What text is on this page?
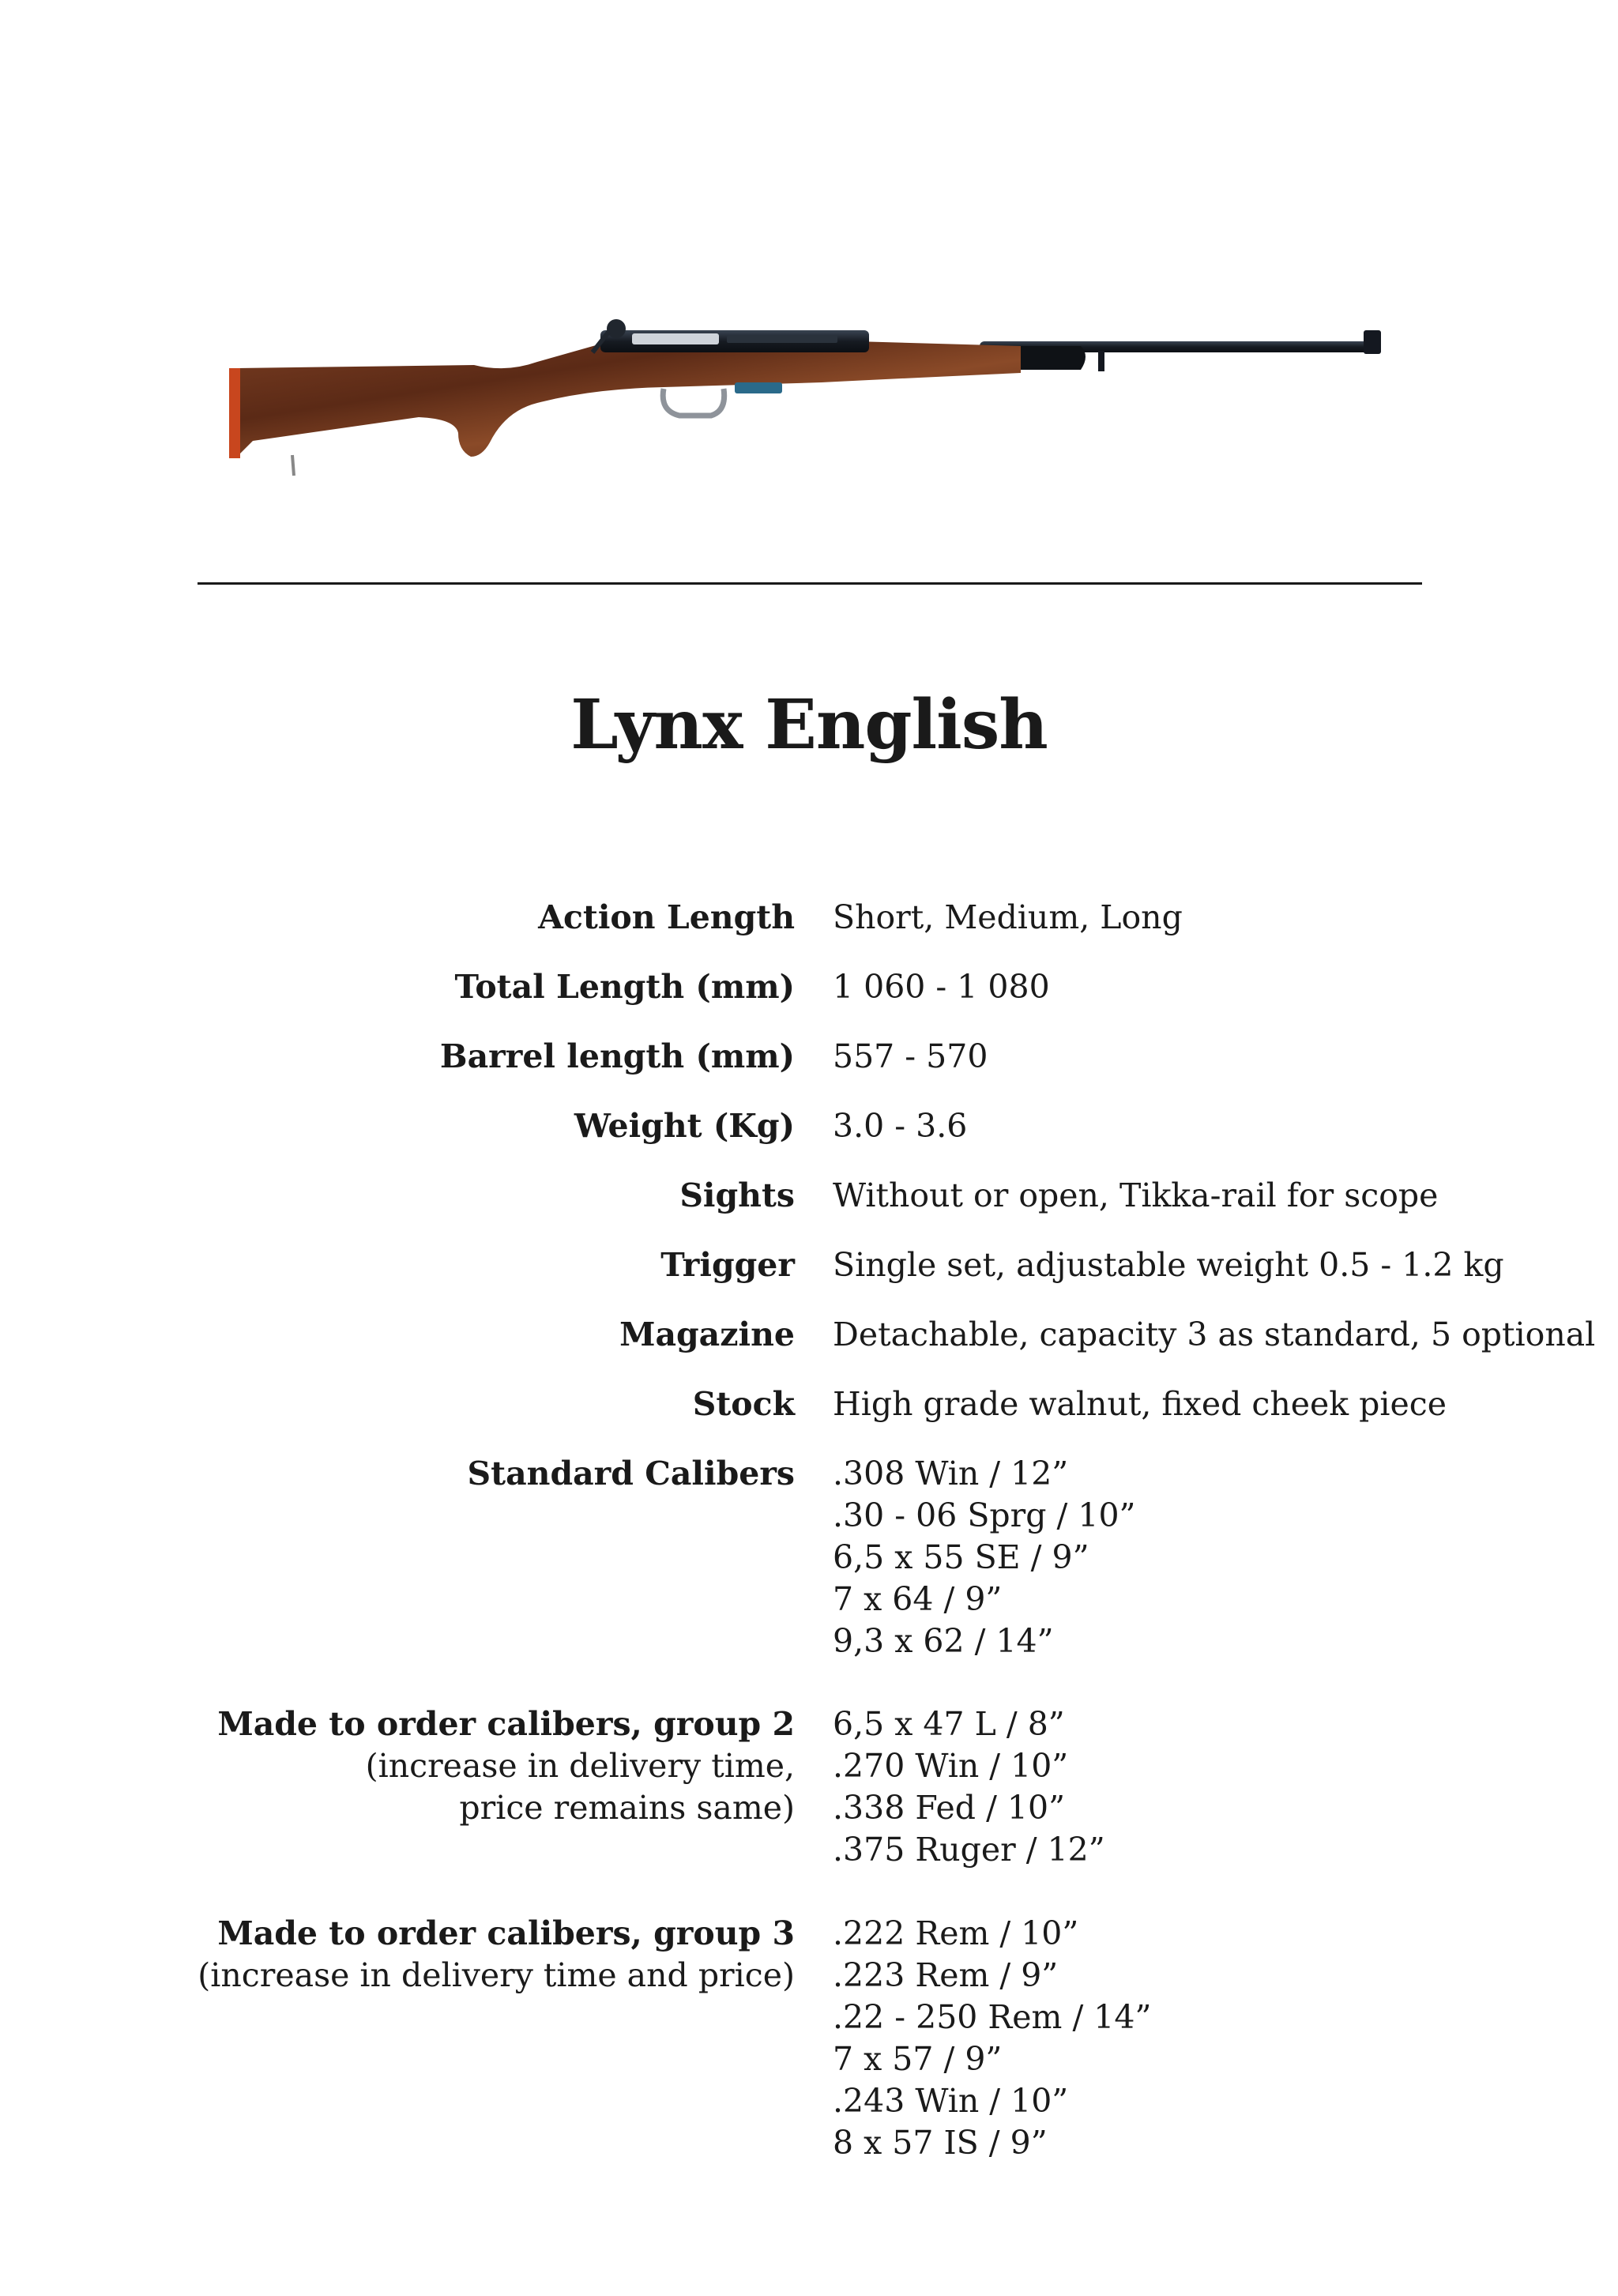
Lynx English
Action Length Short, Medium, Long
Total Length (mm) 1 060 - 1 080
Barrel length (mm) 557 - 570
Weight (Kg) 3.0 - 3.6
Sights Without or open, Tikka-rail for scope
Trigger Single set, adjustable weight 0.5 - 1.2 kg
Magazine Detachable, capacity 3 as standard, 5 optional
Stock High grade walnut, fixed cheek piece
Standard Calibers .308 Win / 12”
.30 - 06 Sprg / 10”
6,5 x 55 SE / 9”
7 x 64 / 9”
9,3 x 62 / 14”
Made to order calibers, group 2
(increase in delivery time,
price remains same)
6,5 x 47 L / 8”
.270 Win / 10”
.338 Fed / 10”
.375 Ruger / 12”
Made to order calibers, group 3
(increase in delivery time and price)
.222 Rem / 10”
.223 Rem / 9”
.22 - 250 Rem / 14”
7 x 57 / 9”
.243 Win / 10”
8 x 57 IS / 9”
